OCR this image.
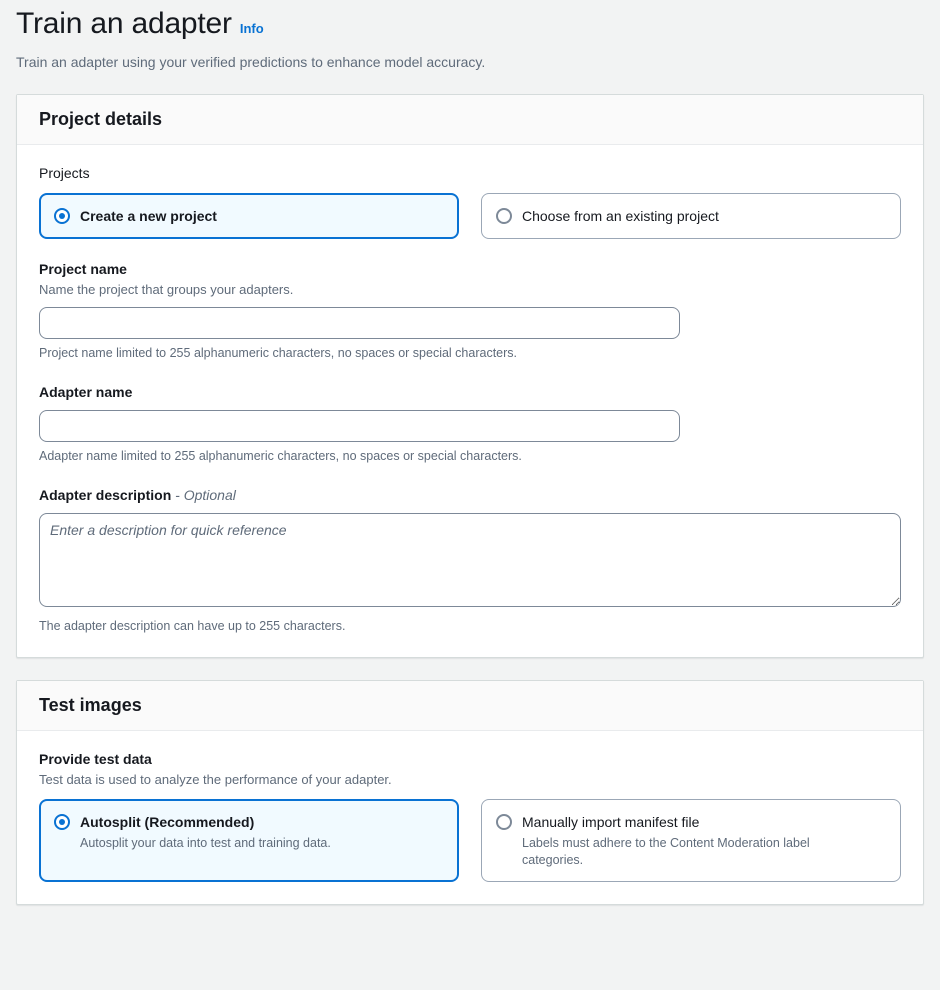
Train an adapter Info

Train an adapter using your verified predictions to enhance model accuracy.

Project details
Projects
Create a new project	Choose from an existing project
Project name
Name the project that groups your adapters.
Project name limited to 255 alphanumeric characters, no spaces or special characters.
Adapter name
Adapter name limited to 255 alphanumeric characters, no spaces or special characters.
Adapter description - Optional
Enter a description for quick reference
The adapter description can have up to 255 characters.
Test images
Provide test data
Test data is used to analyze the performance of your adapter.
Autosplit (Recommended)
Autosplit your data into test and training data.
Manually import manifest file
Labels must adhere to the Content Moderation label categories.
